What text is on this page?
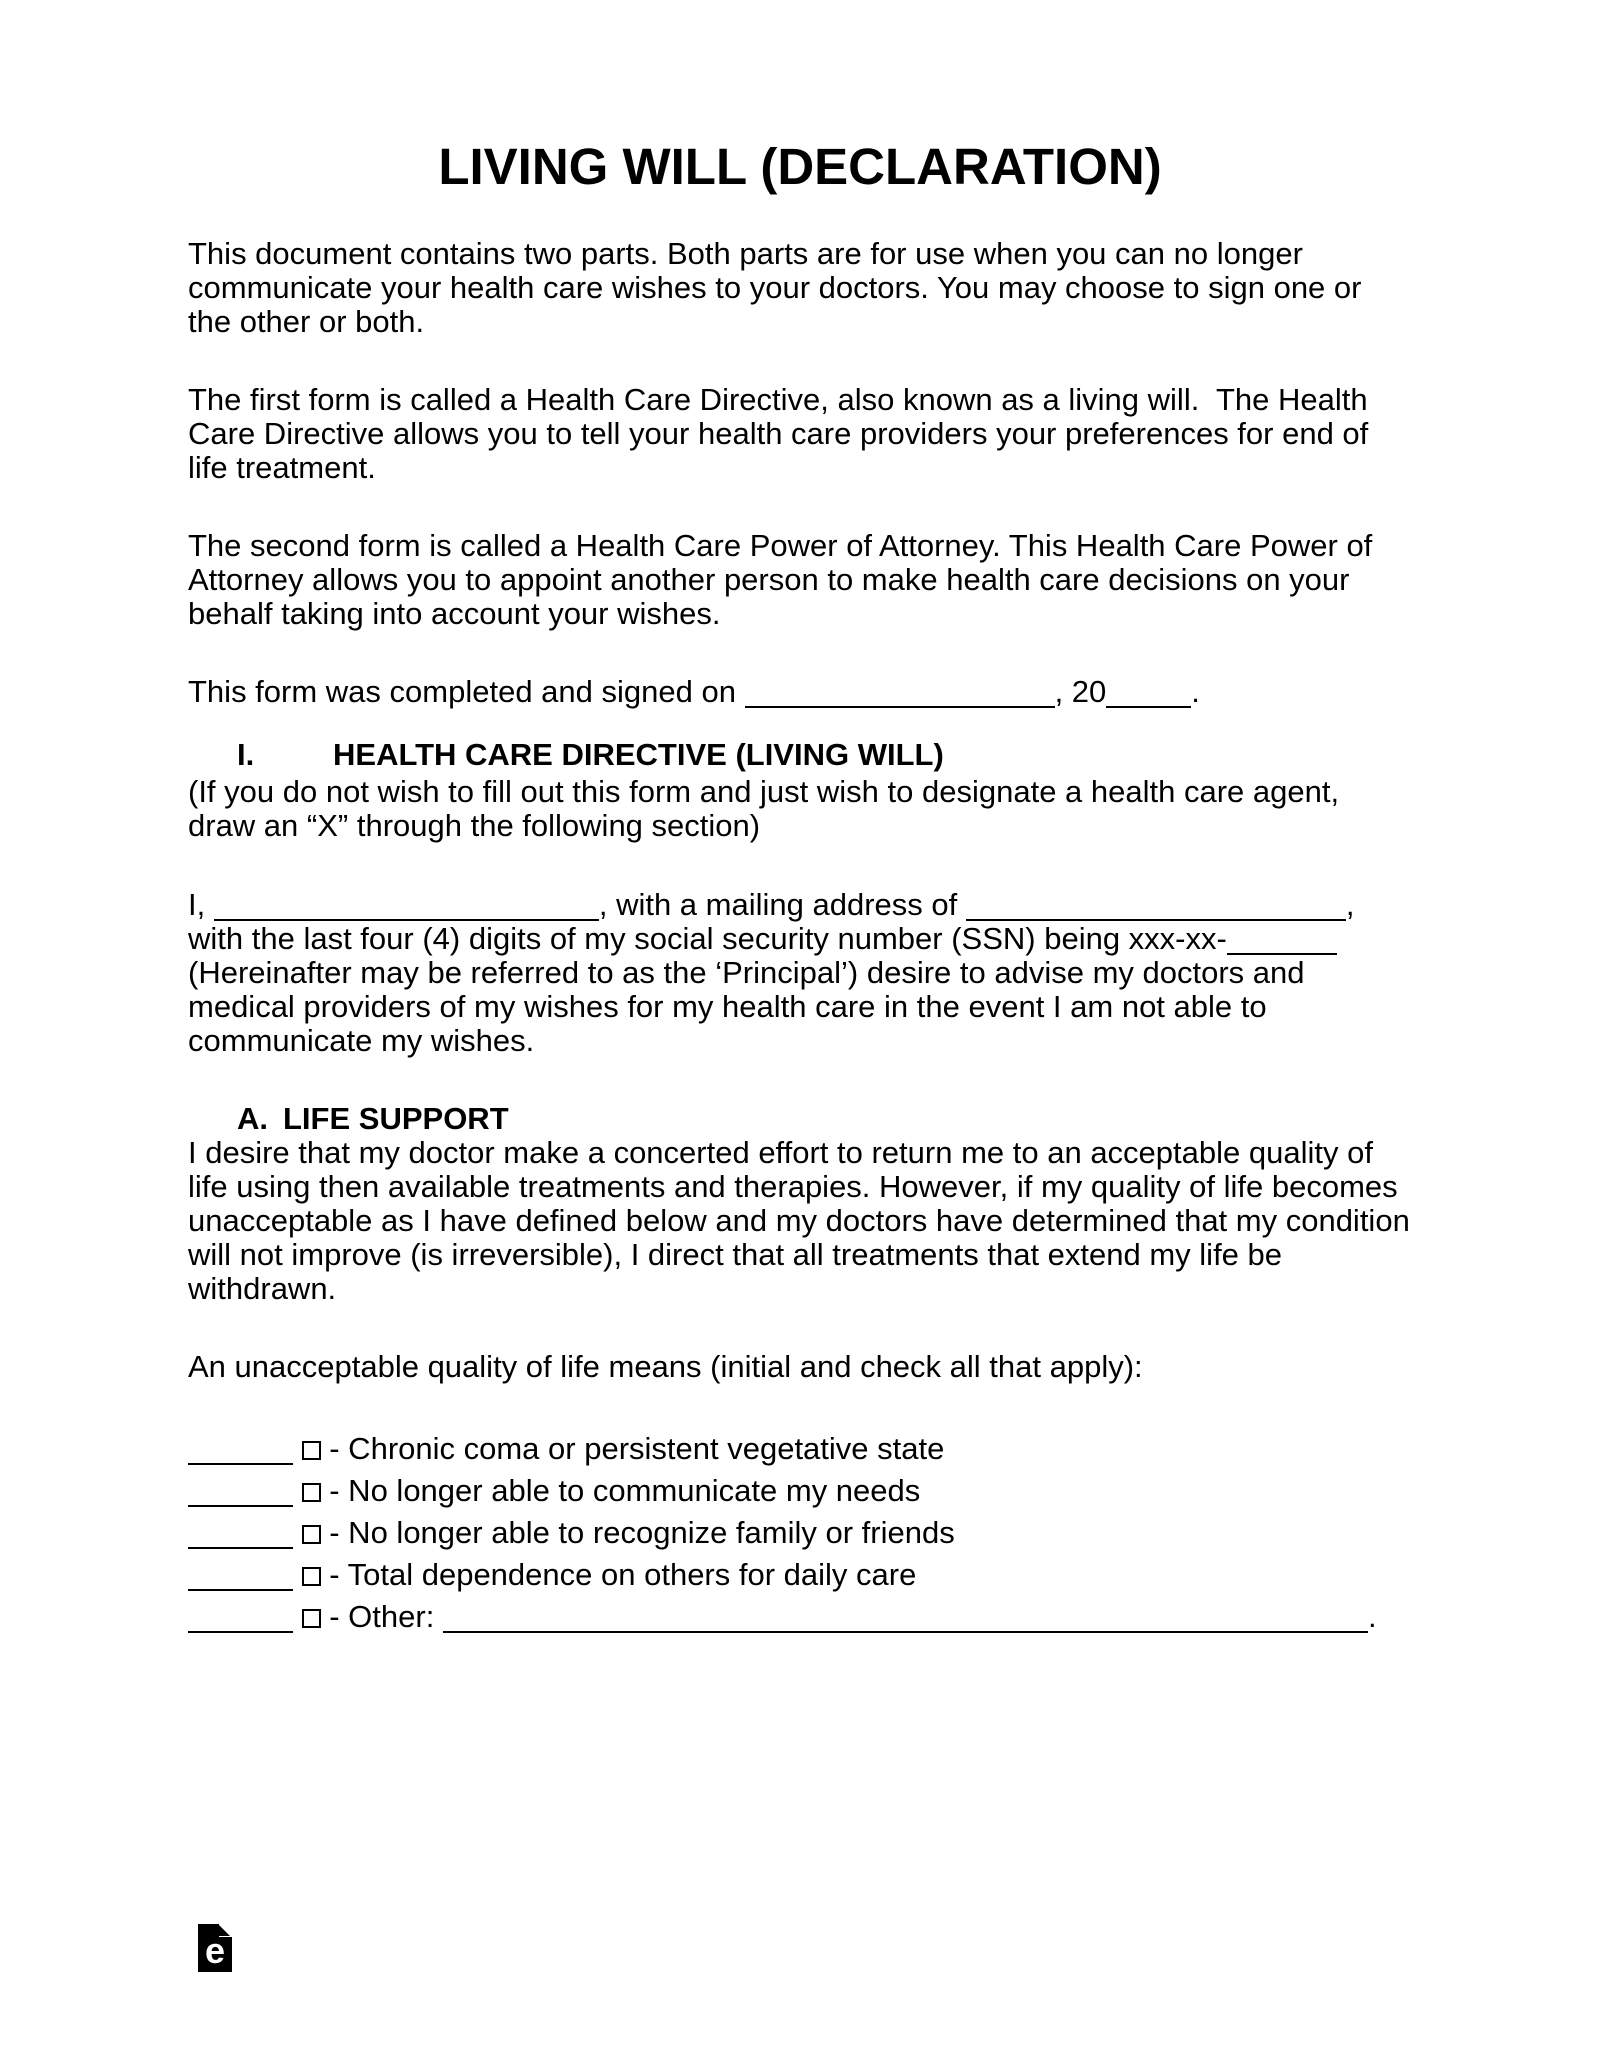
LIVING WILL (DECLARATION)

This document contains two parts. Both parts are for use when you can no longer communicate your health care wishes to your doctors. You may choose to sign one or the other or both.

The first form is called a Health Care Directive, also known as a living will.  The Health Care Directive allows you to tell your health care providers your preferences for end of life treatment.

The second form is called a Health Care Power of Attorney. This Health Care Power of Attorney allows you to appoint another person to make health care decisions on your behalf taking into account your wishes.

This form was completed and signed on	, 20	.

I.	HEALTH CARE DIRECTIVE (LIVING WILL)

(If you do not wish to fill out this form and just wish to designate a health care agent, draw an “X” through the following section)

I,	, with a mailing address of	, with the last four (4) digits of my social security number (SSN) being xxx-xx- (Hereinafter may be referred to as the ‘Principal’) desire to advise my doctors and medical providers of my wishes for my health care in the event I am not able to communicate my wishes.

A. LIFE SUPPORT

I desire that my doctor make a concerted effort to return me to an acceptable quality of life using then available treatments and therapies. However, if my quality of life becomes unacceptable as I have defined below and my doctors have determined that my condition will not improve (is irreversible), I direct that all treatments that extend my life be withdrawn.

An unacceptable quality of life means (initial and check all that apply):

- Chronic coma or persistent vegetative state
- No longer able to communicate my needs
- No longer able to recognize family or friends
- Total dependence on others for daily care
- Other:	.
e
